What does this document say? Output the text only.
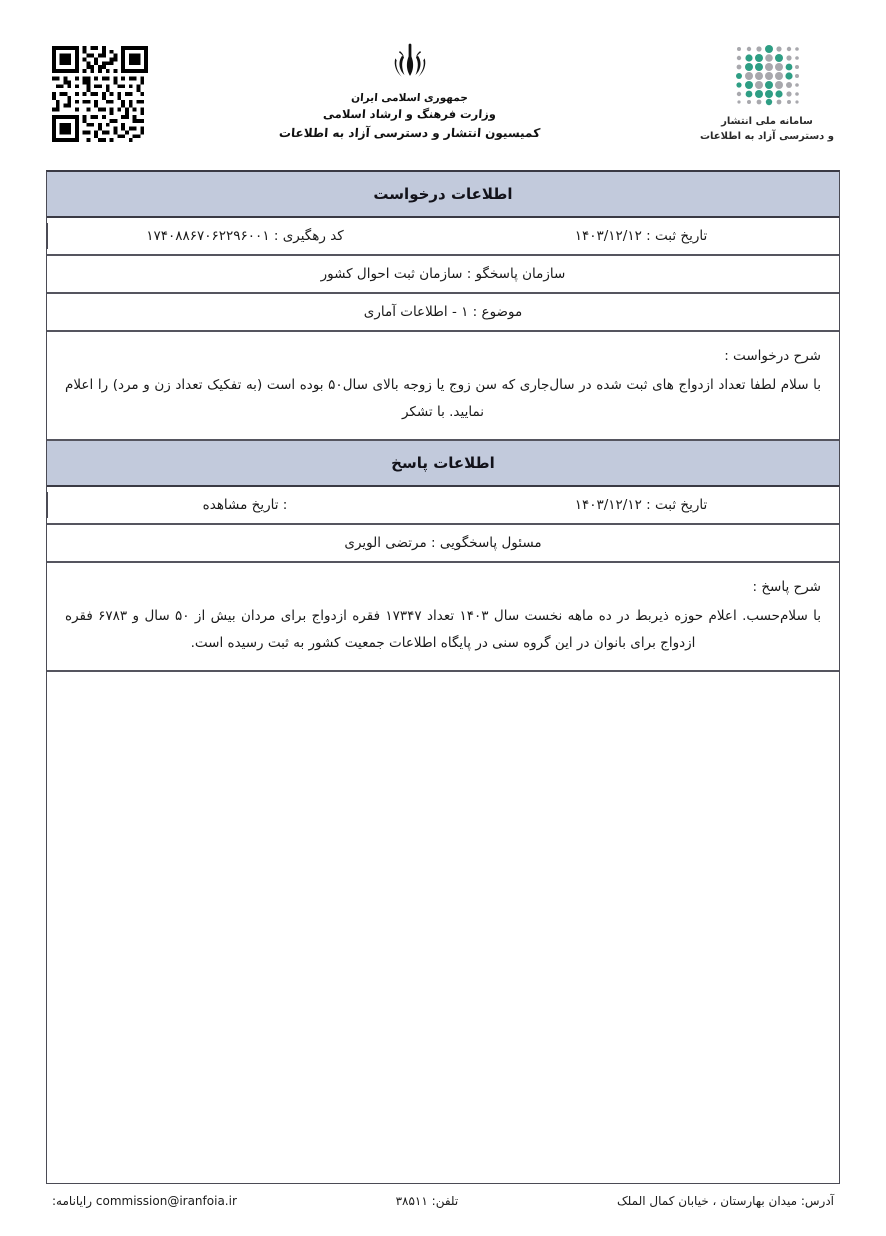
سامانه ملی انتشار
و دسترسی آزاد به اطلاعات
جمهوری اسلامی ایران
وزارت فرهنگ و ارشاد اسلامی
کمیسیون انتشار و دسترسی آزاد به اطلاعات
اطلاعات درخواست
تاریخ ثبت : ۱۴۰۳/۱۲/۱۲
کد رهگیری : ۱۷۴۰۸۸۶۷۰۶۲۲۹۶۰۰۱
سازمان پاسخگو : سازمان ثبت احوال کشور
موضوع : ۱ - اطلاعات آماری
شرح درخواست :
با سلام لطفا تعداد ازدواج های ثبت شده در سال‌جاری که سن زوج یا زوجه بالای سال۵۰ بوده است (به تفکیک تعداد زن و مرد) را اعلام نمایید. با تشکر
اطلاعات پاسخ
تاریخ ثبت : ۱۴۰۳/۱۲/۱۲
: تاریخ مشاهده
مسئول پاسخگویی : مرتضی الویری
شرح پاسخ :
با سلام‌حسب. اعلام حوزه ذیربط در ده ماهه نخست سال ۱۴۰۳ تعداد ۱۷۳۴۷ فقره ازدواج برای مردان بیش از ۵۰ سال و ۶۷۸۳ فقره ازدواج برای بانوان در این گروه سنی در پایگاه اطلاعات جمعیت کشور به ثبت رسیده است.
آدرس: میدان بهارستان ، خیابان کمال الملک
تلفن: ۳۸۵۱۱
commission@iranfoia.ir رایانامه:
